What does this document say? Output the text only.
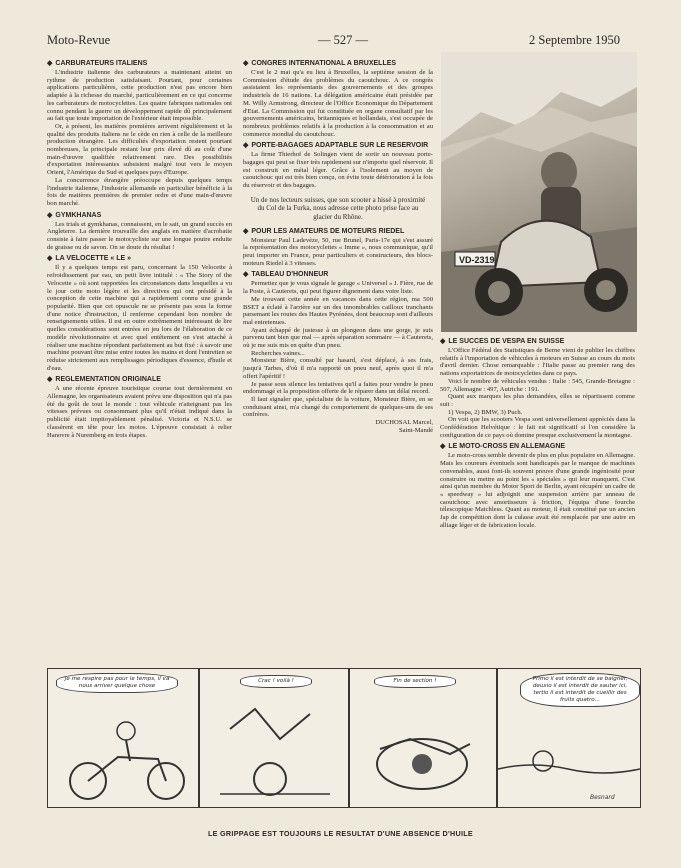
Moto-Revue	— 527 —	2 Septembre 1950
◆ CARBURATEURS ITALIENS

L'industrie italienne des carburateurs a maintenant atteint un rythme de production satisfaisant. Pourtant, pour certaines applications particulières, cette production n'est pas encore bien adaptée à la richesse du marché, particulièrement en ce qui concerne les carburateurs de motocyclettes. Les quatre fabriques nationales ont connu pendant la guerre un développement rapide dû principalement au fait que toute importation de l'extérieur était impossible.

Or, à présent, les matières premières arrivent régulièrement et la qualité des produits italiens ne le cède en rien à celle de la meilleure production étrangère. Les difficultés d'exportation restent pourtant nombreuses, la principale restant leur prix élevé dû au coût d'une main-d'œuvre qualifiée relativement rare. Des possibilités d'exportation intéressantes subsistent malgré tout vers le moyen Orient, l'Amérique du Sud et quelques pays d'Europe.

La concurrence étrangère préoccupe depuis quelques temps l'industrie italienne, l'industrie allemande en particulier bénéficie à la fois de matières premières de premier ordre et d'une main-d'œuvre bon marché.

◆ GYMKHANAS

Les trials et gymkhanas, connaissent, en le sait, un grand succès en Angleterre. La dernière trouvaille des anglais en matière d'acrobatie consiste à faire passer le motocycliste sur une longue poutre enduite de graisse ou de savon. On se doute du résultat !

◆ LA VELOCETTE « LE »

Il y a quelques temps est paru, concernant la 150 Velocette à refroidissement par eau, un petit livre intitulé : « The Story of the Velocette » où sont rapportées les circonstances dans lesquelles a vu le jour cette moto légère et les directives qui ont présidé à la conception de cette machine qui a rapidement connu une grande popularité. Bien que cet opuscule ne se présente pas sous la forme d'une notice d'instruction, il renferme cependant bon nombre de renseignements utiles. Il est en outre extrêmement intéressant de lire quelles considérations sont entrées en jeu lors de l'élaboration de ce modèle révolutionnaire et avec quel entêtement on s'est attaché à réaliser une machine répondant parfaitement au but fixé : à savoir une machine pouvant être mise entre toutes les mains et dont l'entretien se réduise strictement aux remplissages périodiques d'essence, d'huile et d'eau.

◆ REGLEMENTATION ORIGINALE

A une récente épreuve touristique courue tout dernièrement en Allemagne, les organisateurs avaient prévu une disposition qui n'a pas été du goût de tout le monde : tout véhicule n'atteignant pas les vitesses prévues ou consommant plus qu'il n'était indiqué dans la publicité était impitoyablement pénalisé. Victoria et N.S.U. se classèrent en tête pour les motos. L'épreuve consistait à relier Hanovre à Nuremberg en trois étapes.

◆ CONGRES INTERNATIONAL A BRUXELLES

C'est le 2 mai qu'a eu lieu à Bruxelles, la septième session de la Commission d'étude des problèmes du caoutchouc. A ce congrès assistaient les représentants des gouvernements et des groupes industriels de 16 nations. La délégation américaine était présidée par M. Willy Armstrong, directeur de l'Office Economique du Département d'Etat. La Commission qui fut constituée en organe consultatif par les gouvernements américains, britanniques et hollandais, s'est occupée de nombreux problèmes relatifs à la production à la consommation et au commerce mondial du caoutchouc.

◆ PORTE-BAGAGES ADAPTABLE SUR LE RESERVOIR

La firme Thierhof de Solingen vient de sortir un nouveau porte-bagages qui peut se fixer très rapidement sur n'importe quel réservoir. Il est construit en métal léger. Grâce à l'isolement au moyen de caoutchouc qui est très bien conçu, on évite toute détérioration à la fois du réservoir et des bagages.

Un de nos lecteurs suisses, que son scooter a hissé à proximité du Col de la Furka, nous adresse cette photo prise face au glacier du Rhône.

◆ POUR LES AMATEURS DE MOTEURS RIEDEL

Monsieur Paul Ladevèze, 50, rue Brunel, Paris-17e qui s'est assuré la représentation des motocyclettes « Imme », nous communique, qu'il peut importer en France, pour particuliers et constructeurs, des blocs-moteurs Riedel à 3 vitesses.

◆ TABLEAU D'HONNEUR

Permettez que je vous signale le garage « Universel » J. Fière, rue de la Poste, à Cauterets, qui peut figurer dignement dans votre liste.

Me trouvant cette année en vacances dans cette région, ma 500 BSET a éclaté à l'arrière sur un des innombrables cailloux tranchants parsemant les routes des Hautes Pyrénées, dont beaucoup sont d'ailleurs mal entretenues.

Ayant échappé de justesse à un plongeon dans une gorge, je suis parvenu tant bien que mal — après séparation sommaire — à Cauterets, où je me suis mis en quête d'un pneu.

Recherches vaines...

Monsieur Bière, consulté par hasard, s'est déplacé, à ses frais, jusqu'à Tarbes, d'où il m'a rapporté un pneu neuf, après quoi il m'a offert l'apéritif !

Je passe sous silence les tentatives qu'il a faites pour vendre le pneu endommagé et la proposition offerte de le réparer dans un délai record.

Il faut signaler que, spécialiste de la voiture, Monsieur Bière, en se conduisant ainsi, m'a changé du comportement de quelques-uns de ses confrères.

DUCHOSAL Marcel,

Saint-Mandé

VD-2319
◆ LE SUCCES DE VESPA EN SUISSE

L'Office Fédéral des Statistiques de Berne vient de publier les chiffres relatifs à l'importation de véhicules à moteurs en Suisse au cours du mois d'avril dernier. Chose remarquable : l'Italie passe au premier rang des nations exportatrices de motocyclettes dans ce pays.

Voici le nombre de véhicules vendus : Italie : 545, Grande-Bretagne : 507, Allemagne : 497, Autriche : 191.

Quant aux marques les plus demandées, elles se répartissent comme suit :

1) Vespa, 2) BMW, 3) Puch.

On voit que les scooters Vespa sont universellement appréciés dans la Confédération Helvétique : le fait est significatif si l'on considère la configuration de ce pays où domine presque exclusivement la montagne.

◆ LE MOTO-CROSS EN ALLEMAGNE

Le moto-cross semble devenir de plus en plus populaire en Allemagne. Mais les coureurs éventuels sont handicapés par le manque de machines convenables, aussi font-ils souvent preuve d'une grande ingéniosité pour construire ou mettre au point les « spéciales » qui leur manquent. C'est ainsi qu'un membre du Motor Sport de Berlin, ayant récupéré un cadre de « speedway » lui adjoignit une suspension arrière par anneau de caoutchouc avec amortisseurs à friction, l'équipa d'une fourche télescopique Matchless. Quant au moteur, il était constitué par un ancien Jap de compétition dont la culasse avait été remplacée par une autre en alliage léger et de fabrication locale.

Je me respire pas pour le temps, il va nous arriver quelque chose
Crac ! voilà !	Fin de section !	Primo il est interdit de se baigner, deuxio il est interdit de sauter ici, tertio il est interdit de cueillir des fruits quatro...
Besnard
LE GRIPPAGE EST TOUJOURS LE RESULTAT D'UNE ABSENCE D'HUILE
